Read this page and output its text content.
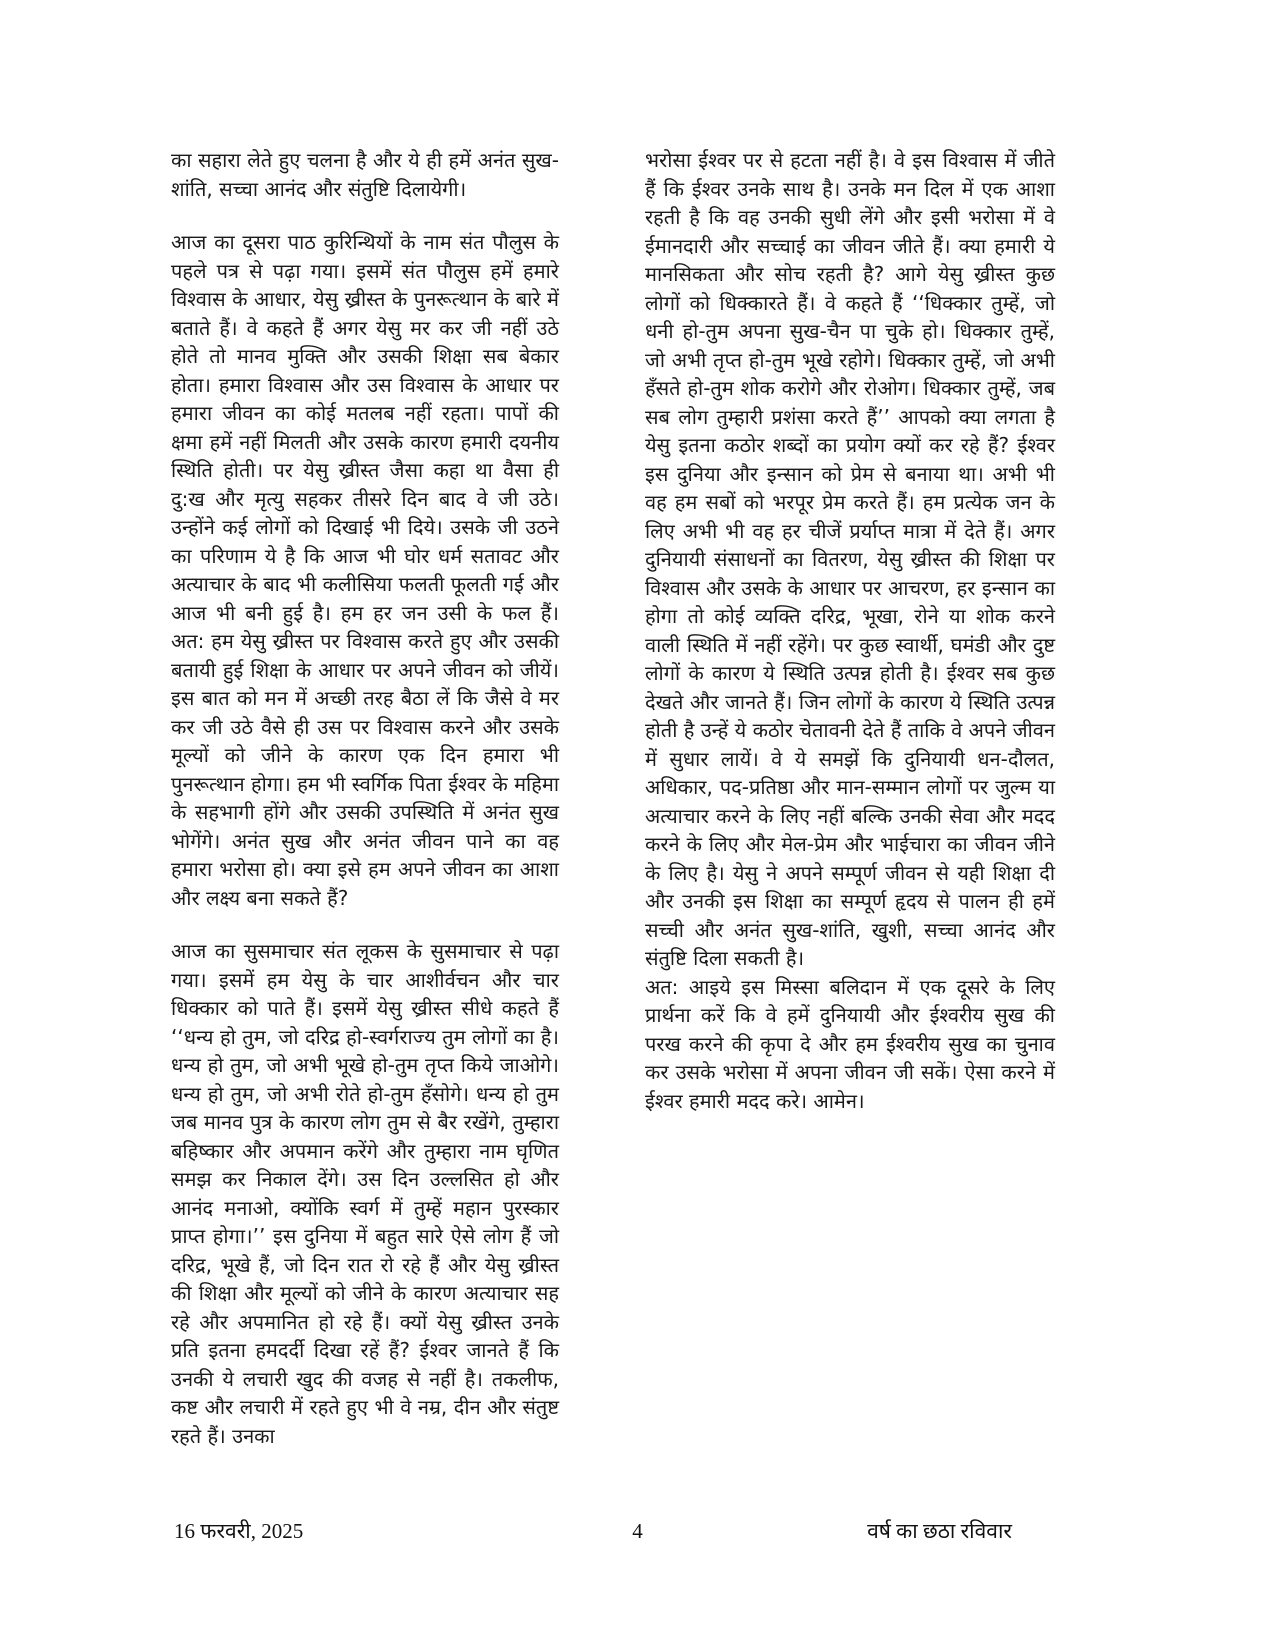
का सहारा लेते हुए चलना है और ये ही हमें अनंत सुख-शांति, सच्चा आनंद और संतुष्टि दिलायेगी।

आज का दूसरा पाठ कुरिन्थियों के नाम संत पौलुस के पहले पत्र से पढ़ा गया। इसमें संत पौलुस हमें हमारे विश्वास के आधार, येसु ख्रीस्त के पुनरूत्थान के बारे में बताते हैं। वे कहते हैं अगर येसु मर कर जी नहीं उठे होते तो मानव मुक्ति और उसकी शिक्षा सब बेकार होता। हमारा विश्वास और उस विश्वास के आधार पर हमारा जीवन का कोई मतलब नहीं रहता। पापों की क्षमा हमें नहीं मिलती और उसके कारण हमारी दयनीय स्थिति होती। पर येसु ख्रीस्त जैसा कहा था वैसा ही दु:ख और मृत्यु सहकर तीसरे दिन बाद वे जी उठे। उन्होंने कई लोगों को दिखाई भी दिये। उसके जी उठने का परिणाम ये है कि आज भी घोर धर्म सतावट और अत्याचार के बाद भी कलीसिया फलती फूलती गई और आज भी बनी हुई है। हम हर जन उसी के फल हैं। अत: हम येसु ख्रीस्त पर विश्वास करते हुए और उसकी बतायी हुई शिक्षा के आधार पर अपने जीवन को जीयें। इस बात को मन में अच्छी तरह बैठा लें कि जैसे वे मर कर जी उठे वैसे ही उस पर विश्वास करने और उसके मूल्यों को जीने के कारण एक दिन हमारा भी पुनरूत्थान होगा। हम भी स्वर्गिक पिता ईश्वर के महिमा के सहभागी होंगे और उसकी उपस्थिति में अनंत सुख भोगेंगे। अनंत सुख और अनंत जीवन पाने का वह हमारा भरोसा हो। क्या इसे हम अपने जीवन का आशा और लक्ष्य बना सकते हैं?

आज का सुसमाचार संत लूकस के सुसमाचार से पढ़ा गया। इसमें हम येसु के चार आशीर्वचन और चार धिक्कार को पाते हैं। इसमें येसु ख्रीस्त सीधे कहते हैं ‘‘धन्य हो तुम, जो दरिद्र हो-स्वर्गराज्य तुम लोगों का है। धन्य हो तुम, जो अभी भूखे हो-तुम तृप्त किये जाओगे। धन्य हो तुम, जो अभी रोते हो-तुम हँसोगे। धन्य हो तुम जब मानव पुत्र के कारण लोग तुम से बैर रखेंगे, तुम्हारा बहिष्कार और अपमान करेंगे और तुम्हारा नाम घृणित समझ कर निकाल देंगे। उस दिन उल्लसित हो और आनंद मनाओ, क्योंकि स्वर्ग में तुम्हें महान पुरस्कार प्राप्त होगा।’’ इस दुनिया में बहुत सारे ऐसे लोग हैं जो दरिद्र, भूखे हैं, जो दिन रात रो रहे हैं और येसु ख्रीस्त की शिक्षा और मूल्यों को जीने के कारण अत्याचार सह रहे और अपमानित हो रहे हैं। क्यों येसु ख्रीस्त उनके प्रति इतना हमदर्दी दिखा रहें हैं? ईश्वर जानते हैं कि उनकी ये लचारी खुद की वजह से नहीं है। तकलीफ, कष्ट और लचारी में रहते हुए भी वे नम्र, दीन और संतुष्ट रहते हैं। उनका

भरोसा ईश्वर पर से हटता नहीं है। वे इस विश्वास में जीते हैं कि ईश्वर उनके साथ है। उनके मन दिल में एक आशा रहती है कि वह उनकी सुधी लेंगे और इसी भरोसा में वे ईमानदारी और सच्चाई का जीवन जीते हैं। क्या हमारी ये मानसिकता और सोच रहती है? आगे येसु ख्रीस्त कुछ लोगों को धिक्कारते हैं। वे कहते हैं ‘‘धिक्कार तुम्हें, जो धनी हो-तुम अपना सुख-चैन पा चुके हो। धिक्कार तुम्हें, जो अभी तृप्त हो-तुम भूखे रहोगे। धिक्कार तुम्हें, जो अभी हँसते हो-तुम शोक करोगे और रोओग। धिक्कार तुम्हें, जब सब लोग तुम्हारी प्रशंसा करते हैं’’ आपको क्या लगता है येसु इतना कठोर शब्दों का प्रयोग क्यों कर रहे हैं? ईश्वर इस दुनिया और इन्सान को प्रेम से बनाया था। अभी भी वह हम सबों को भरपूर प्रेम करते हैं। हम प्रत्येक जन के लिए अभी भी वह हर चीजें प्रर्याप्त मात्रा में देते हैं। अगर दुनियायी संसाधनों का वितरण, येसु ख्रीस्त की शिक्षा पर विश्वास और उसके के आधार पर आचरण, हर इन्सान का होगा तो कोई व्यक्ति दरिद्र, भूखा, रोने या शोक करने वाली स्थिति में नहीं रहेंगे। पर कुछ स्वार्थी, घमंडी और दुष्ट लोगों के कारण ये स्थिति उत्पन्न होती है। ईश्वर सब कुछ देखते और जानते हैं। जिन लोगों के कारण ये स्थिति उत्पन्न होती है उन्हें ये कठोर चेतावनी देते हैं ताकि वे अपने जीवन में सुधार लायें। वे ये समझें कि दुनियायी धन-दौलत, अधिकार, पद-प्रतिष्ठा और मान-सम्मान लोगों पर जुल्म या अत्याचार करने के लिए नहीं बल्कि उनकी सेवा और मदद करने के लिए और मेल-प्रेम और भाईचारा का जीवन जीने के लिए है। येसु ने अपने सम्पूर्ण जीवन से यही शिक्षा दी और उनकी इस शिक्षा का सम्पूर्ण हृदय से पालन ही हमें सच्ची और अनंत सुख-शांति, खुशी, सच्चा आनंद और संतुष्टि दिला सकती है।

अत: आइये इस मिस्सा बलिदान में एक दूसरे के लिए प्रार्थना करें कि वे हमें दुनियायी और ईश्वरीय सुख की परख करने की कृपा दे और हम ईश्वरीय सुख का चुनाव कर उसके भरोसा में अपना जीवन जी सकें। ऐसा करने में ईश्वर हमारी मदद करे। आमेन।

16 फरवरी, 2025	4	वर्ष का छठा रविवार
